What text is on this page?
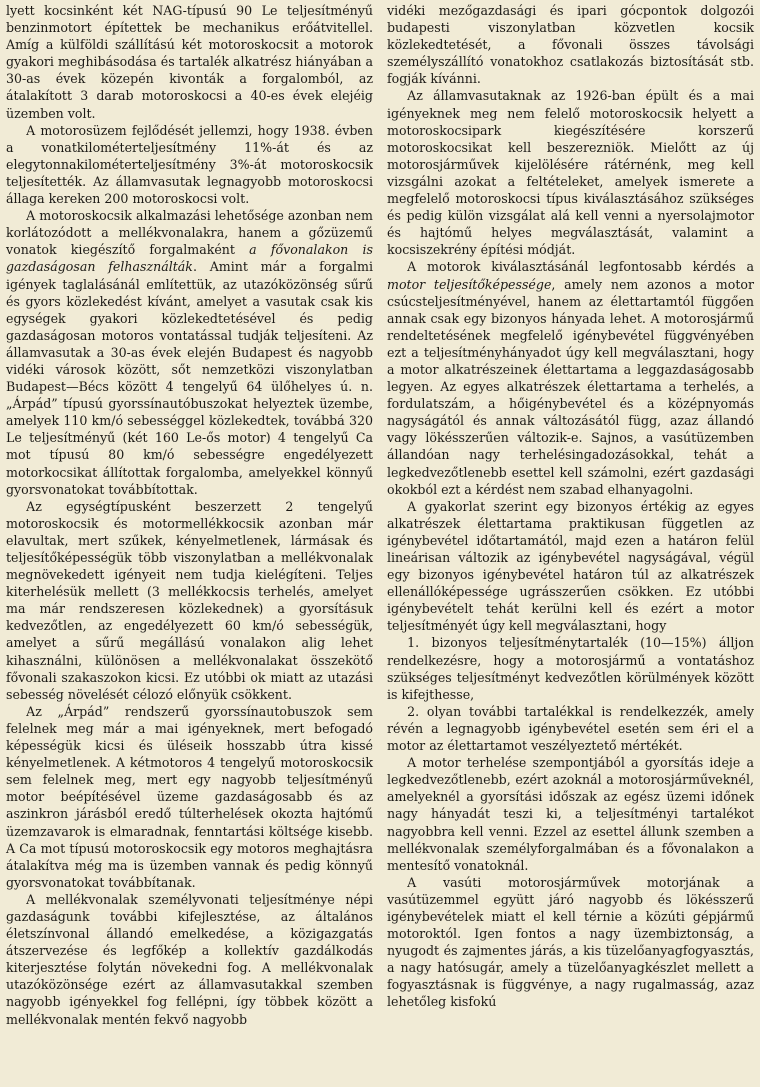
lyett kocsinként két NAG-típusú 90 Le teljesítményű benzinmotort építettek be mechanikus erőátvitellel. Amíg a külföldi szállítású két motoroskocsit a motorok gyakori meghibásodása és tartalék alkatrész hiányában a 30-as évek közepén kivonták a forgalomból, az átalakított 3 darab motoroskocsi a 40-es évek elejéig üzemben volt.

A motorosüzem fejlődését jellemzi, hogy 1938. évben a vonatkilométerteljesítmény 11%-át és az elegytonnakilométerteljesítmény 3%-át motoroskocsik teljesítették. Az államvasutak legnagyobb motoroskocsi állaga kereken 200 motoroskocsi volt.

A motoroskocsik alkalmazási lehetősége azonban nem korlátozódott a mellékvonalakra, hanem a gőzüzemű vonatok kiegészítő forgalmaként a fővonalakon is gazdaságosan felhasználták. Amint már a forgalmi igények taglalásánál említettük, az utazóközönség sűrű és gyors közlekedést kívánt, amelyet a vasutak csak kis egységek gyakori közlekedtetésével és pedig gazdaságosan motoros vontatással tudják teljesíteni. Az államvasutak a 30-as évek elején Budapest és nagyobb vidéki városok között, sőt nemzetközi viszonylatban Budapest—Bécs között 4 tengelyű 64 ülőhelyes ú. n. „Árpád” típusú gyorssínautóbuszokat helyeztek üzembe, amelyek 110 km/ó sebességgel közlekedtek, továbbá 320 Le teljesítményű (két 160 Le-ős motor) 4 tengelyű Ca mot típusú 80 km/ó sebességre engedélyezett motorkocsikat állítottak forgalomba, amelyekkel könnyű gyorsvonatokat továbbítottak.

Az egységtípusként beszerzett 2 tengelyű motoroskocsik és motormellékkocsik azonban már elavultak, mert szűkek, kényelmetlenek, lármásak és teljesítőképességük több viszonylatban a mellékvonalak megnövekedett igényeit nem tudja kielégíteni. Teljes kiterhelésük mellett (3 mellékkocsis terhelés, amelyet ma már rendszeresen közlekednek) a gyorsításuk kedvezőtlen, az engedélyezett 60 km/ó sebességük, amelyet a sűrű megállású vonalakon alig lehet kihasználni, különösen a mellékvonalakat összekötő fővonali szakaszokon kicsi. Ez utóbbi ok miatt az utazási sebesség növelését célozó előnyük csökkent.

Az „Árpád” rendszerű gyorssínautobuszok sem felelnek meg már a mai igényeknek, mert befogadó képességük kicsi és üléseik hosszabb útra kissé kényelmetlenek. A kétmotoros 4 tengelyű motoroskocsik sem felelnek meg, mert egy nagyobb teljesítményű motor beépítésével üzeme gazdaságosabb és az aszinkron járásból eredő túlterhelések okozta hajtómű üzemzavarok is elmaradnak, fenntartási költsége kisebb. A Ca mot típusú motoroskocsik egy motoros meghajtásra átalakítva még ma is üzemben vannak és pedig könnyű gyorsvonatokat továbbítanak.

A mellékvonalak személyvonati teljesítménye népi gazdaságunk további kifejlesztése, az általános életszínvonal állandó emelkedése, a közigazgatás átszervezése és legfőkép a kollektív gazdálkodás kiterjesztése folytán növekedni fog. A mellékvonalak utazóközönsége ezért az államvasutakkal szemben nagyobb igényekkel fog fellépni, így többek között a mellékvonalak mentén fekvő nagyobb

vidéki mezőgazdasági és ipari gócpontok dolgozói budapesti viszonylatban közvetlen kocsik közlekedtetését, a fővonali összes távolsági személyszállító vonatokhoz csatlakozás biztosítását stb. fogják kívánni.

Az államvasutaknak az 1926-ban épült és a mai igényeknek meg nem felelő motoroskocsik helyett a motoroskocsipark kiegészítésére korszerű motoroskocsikat kell beszerezniök. Mielőtt az új motorosjárművek kijelölésére rátérnénk, meg kell vizsgálni azokat a feltételeket, amelyek ismerete a megfelelő motoroskocsi típus kiválasztásához szükséges és pedig külön vizsgálat alá kell venni a nyersolajmotor és hajtómű helyes megválasztását, valamint a kocsiszekrény építési módját.

A motorok kiválasztásánál legfontosabb kérdés a motor teljesítőképessége, amely nem azonos a motor csúcsteljesítményével, hanem az élettartamtól függően annak csak egy bizonyos hányada lehet. A motorosjármű rendeltetésének megfelelő igénybevétel függvényében ezt a teljesítményhányadot úgy kell megválasztani, hogy a motor alkatrészeinek élettartama a leggazdaságosabb legyen. Az egyes alkatrészek élettartama a terhelés, a fordulatszám, a hőigénybevétel és a középnyomás nagyságától és annak változásától függ, azaz állandó vagy lökésszerűen változik-e. Sajnos, a vasútüzemben állandóan nagy terhelésingadozásokkal, tehát a legkedvezőtlenebb esettel kell számolni, ezért gazdasági okokból ezt a kérdést nem szabad elhanyagolni.

A gyakorlat szerint egy bizonyos értékig az egyes alkatrészek élettartama praktikusan független az igénybevétel időtartamától, majd ezen a határon felül lineárisan változik az igénybevétel nagyságával, végül egy bizonyos igénybevétel határon túl az alkatrészek ellenállóképessége ugrásszerűen csökken. Ez utóbbi igénybevételt tehát kerülni kell és ezért a motor teljesítményét úgy kell megválasztani, hogy

1. bizonyos teljesítménytartalék (10—15%) álljon rendelkezésre, hogy a motorosjármű a vontatáshoz szükséges teljesítményt kedvezőtlen körülmények között is kifejthesse,

2. olyan további tartalékkal is rendelkezzék, amely révén a legnagyobb igénybevétel esetén sem éri el a motor az élettartamot veszélyeztető mértékét.

A motor terhelése szempontjából a gyorsítás ideje a legkedvezőtlenebb, ezért azoknál a motorosjárműveknél, amelyeknél a gyorsítási időszak az egész üzemi időnek nagy hányadát teszi ki, a teljesítményi tartalékot nagyobbra kell venni. Ezzel az esettel állunk szemben a mellékvonalak személyforgalmában és a fővonalakon a mentesítő vonatoknál.

A vasúti motorosjárművek motorjának a vasútüzemmel együtt járó nagyobb és lökésszerű igénybevételek miatt el kell térnie a közúti gépjármű motoroktól. Igen fontos a nagy üzembiztonság, a nyugodt és zajmentes járás, a kis tüzelőanyagfogyasztás, a nagy hatósugár, amely a tüzelőanyagkészlet mellett a fogyasztásnak is függvénye, a nagy rugalmasság, azaz lehetőleg kisfokú
